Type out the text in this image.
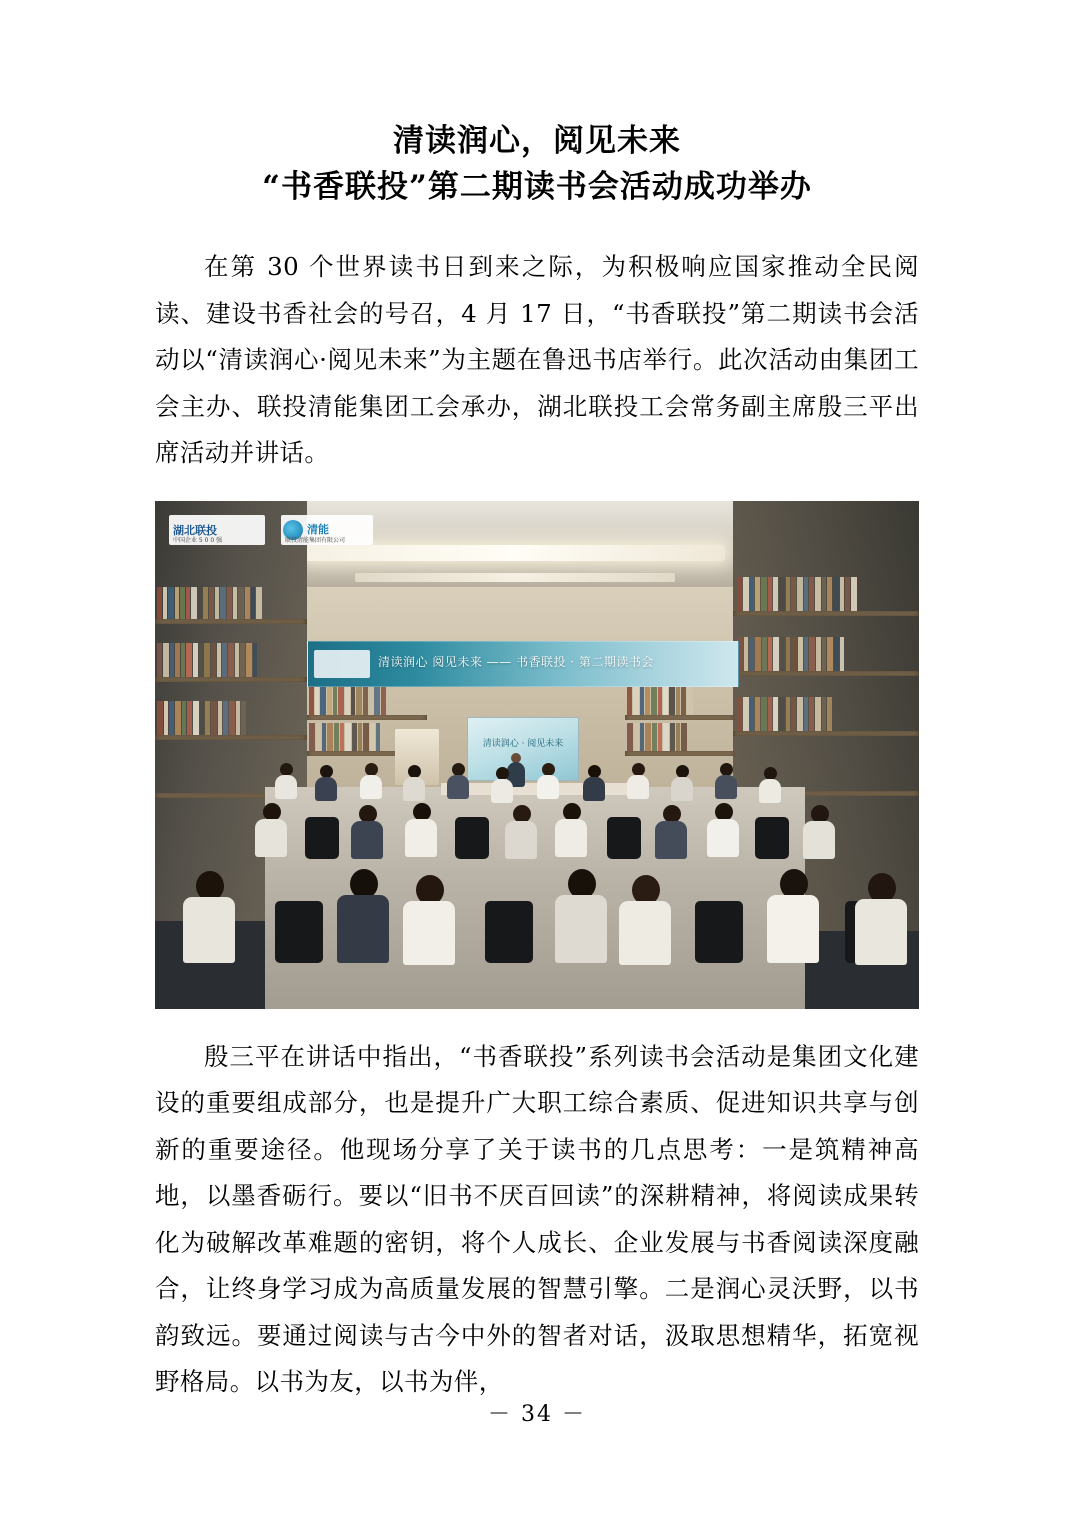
清读润心，阅见未来
“书香联投”第二期读书会活动成功举办

在第 30 个世界读书日到来之际，为积极响应国家推动全民阅读、建设书香社会的号召，4 月 17 日，“书香联投”第二期读书会活动以“清读润心·阅见未来”为主题在鲁迅书店举行。此次活动由集团工会主办、联投清能集团工会承办，湖北联投工会常务副主席殷三平出席活动并讲话。

清读润心 阅见未来 —— 书香联投 · 第二期读书会
清读润心 · 阅见未来
湖北联投
中国企业 5 0 0 强
清能
联投清能集团有限公司

殷三平在讲话中指出，“书香联投”系列读书会活动是集团文化建设的重要组成部分，也是提升广大职工综合素质、促进知识共享与创新的重要途径。他现场分享了关于读书的几点思考：一是筑精神高地，以墨香砺行。要以“旧书不厌百回读”的深耕精神，将阅读成果转化为破解改革难题的密钥，将个人成长、企业发展与书香阅读深度融合，让终身学习成为高质量发展的智慧引擎。二是润心灵沃野，以书韵致远。要通过阅读与古今中外的智者对话，汲取思想精华，拓宽视野格局。以书为友，以书为伴，

－ 34 －
